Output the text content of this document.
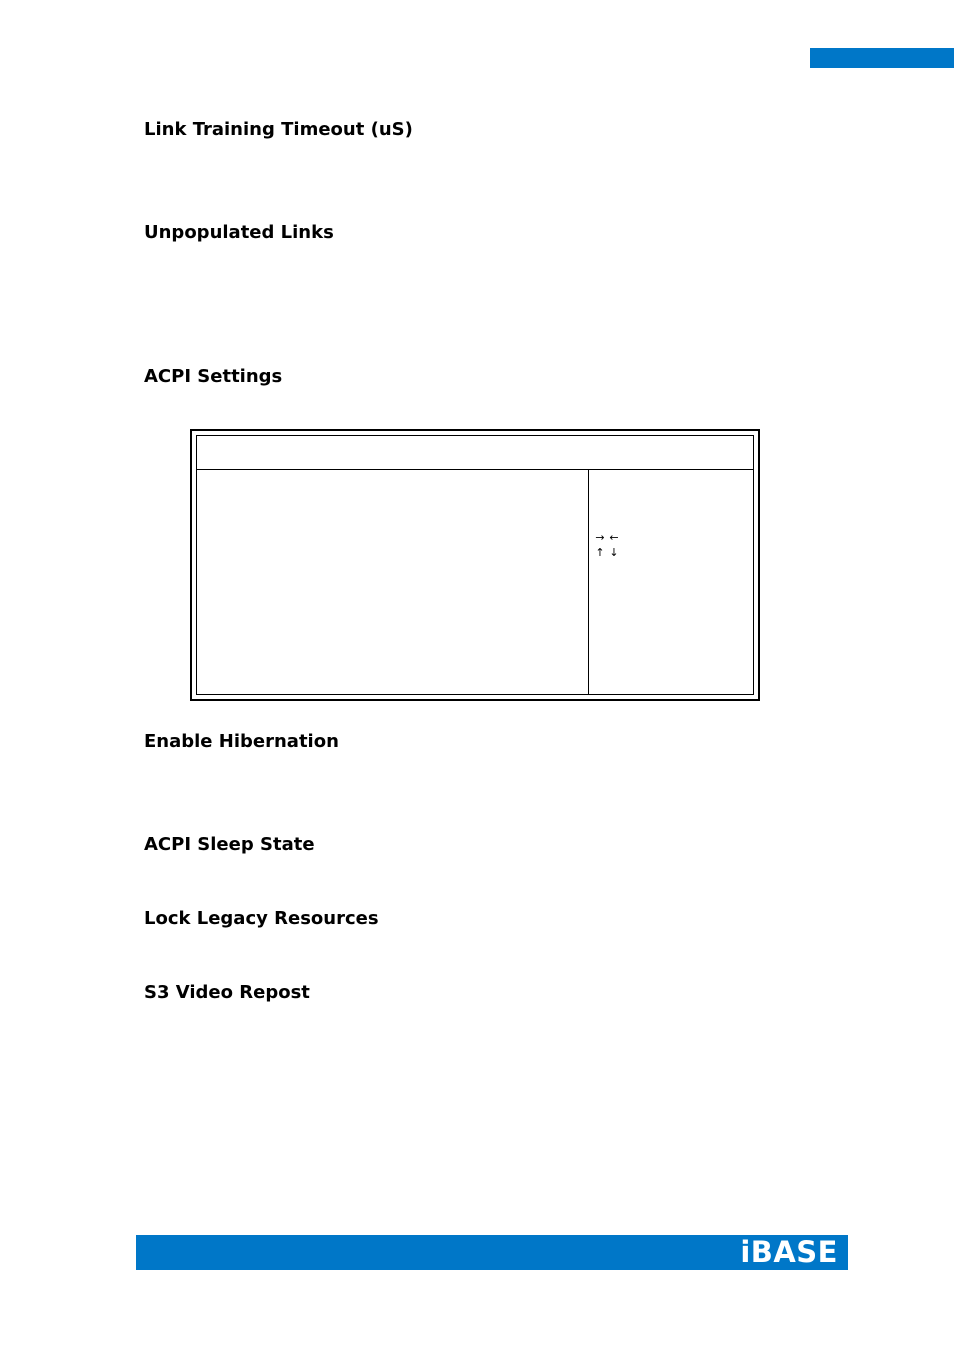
Link Training Timeout (uS)
Unpopulated Links
ACPI Settings
→ ←
↑ ↓
Enable Hibernation
ACPI Sleep State
Lock Legacy Resources
S3 Video Repost
iBASE
